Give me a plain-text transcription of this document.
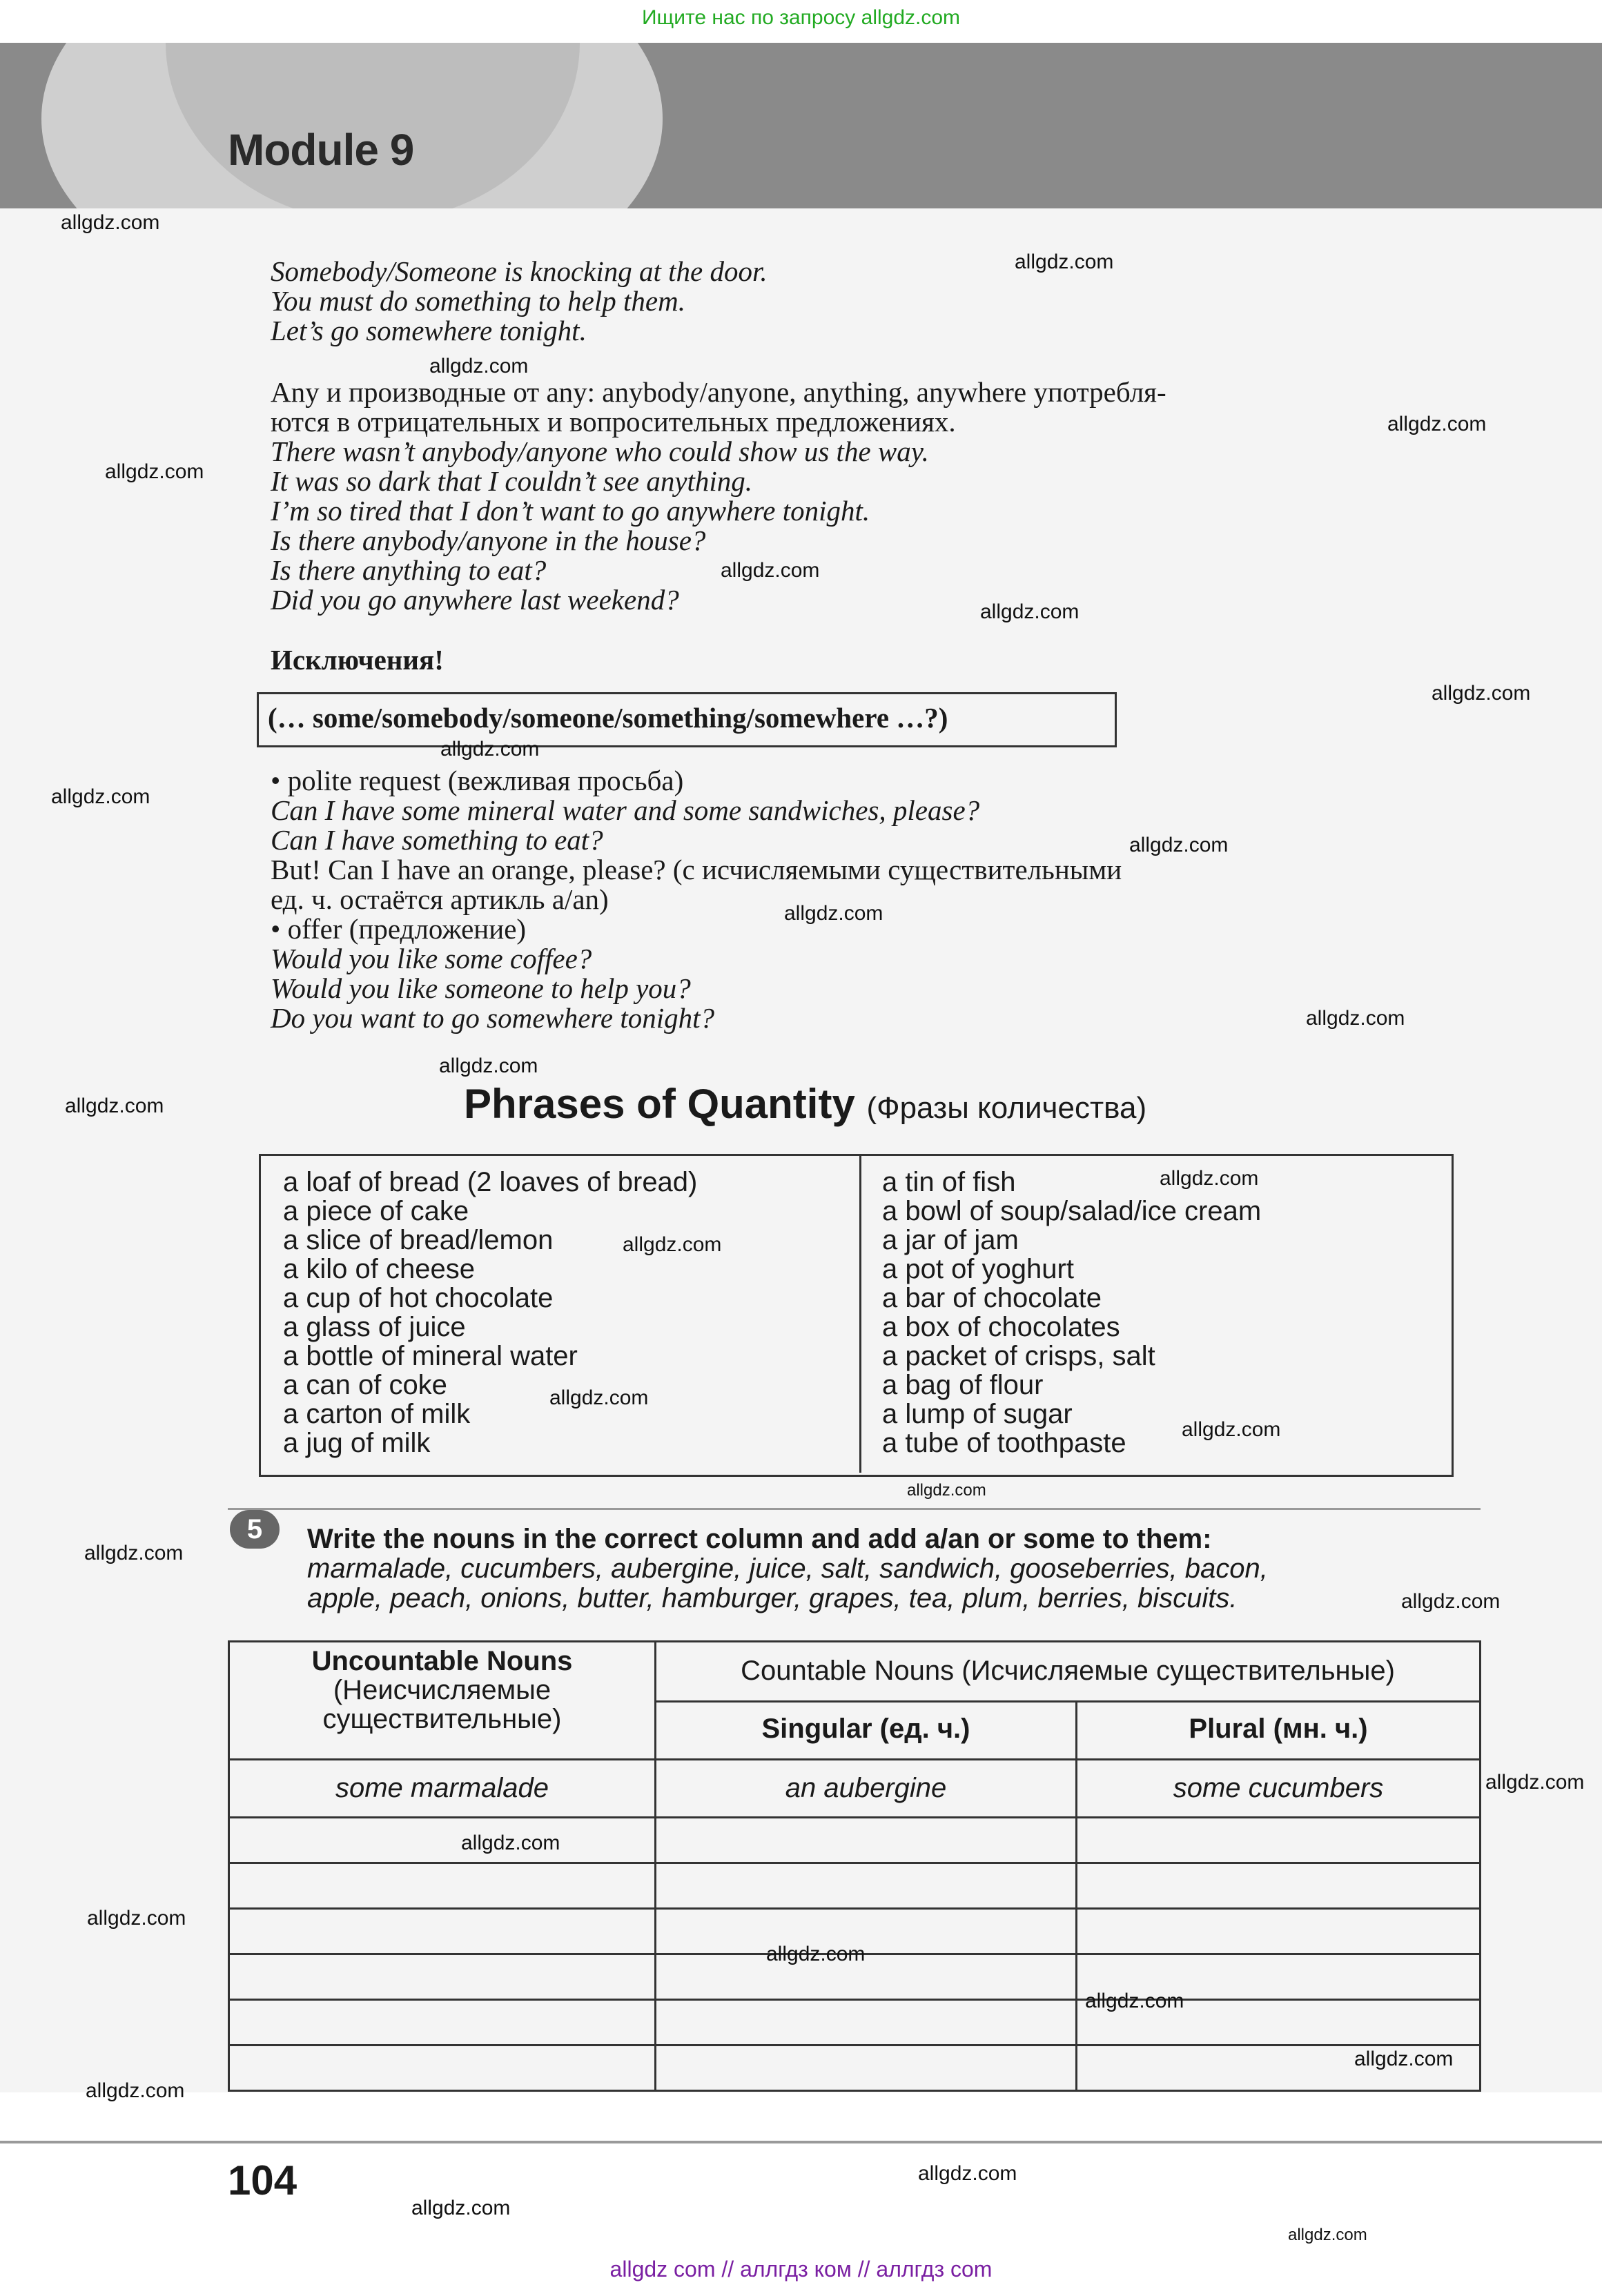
Ищите нас по запросу allgdz.com
Module 9
Somebody/Someone is knocking at the door.
You must do something to help them.
Let’s go somewhere tonight.
Any и производные от any: anybody/anyone, anything, anywhere употребля-
ются в отрицательных и вопросительных предложениях.
There wasn’t anybody/anyone who could show us the way.
It was so dark that I couldn’t see anything.
I’m so tired that I don’t want to go anywhere tonight.
Is there anybody/anyone in the house?
Is there anything to eat?
Did you go anywhere last weekend?
Исключения!
(… some/somebody/someone/something/somewhere …?)
• polite request (вежливая просьба)
Can I have some mineral water and some sandwiches, please?
Can I have something to eat?
But! Can I have an orange, please? (с исчисляемыми существительными
ед. ч. остаётся артикль a/an)
• offer (предложение)
Would you like some coffee?
Would you like someone to help you?
Do you want to go somewhere tonight?
Phrases of Quantity (Фразы количества)
a loaf of bread (2 loaves of bread)
a piece of cake
a slice of bread/lemon
a kilo of cheese
a cup of hot chocolate
a glass of juice
a bottle of mineral water
a can of coke
a carton of milk
a jug of milk
a tin of fish
a bowl of soup/salad/ice cream
a jar of jam
a pot of yoghurt
a bar of chocolate
a box of chocolates
a packet of crisps, salt
a bag of flour
a lump of sugar
a tube of toothpaste
5	Write the nouns in the correct column and add a/an or some to them:
marmalade, cucumbers, aubergine, juice, salt, sandwich, gooseberries, bacon,
apple, peach, onions, butter, hamburger, grapes, tea, plum, berries, biscuits.
Uncountable Nouns
(Неисчисляемые
существительные)
Countable Nouns (Исчисляемые существительные)
Singular (ед. ч.)	Plural (мн. ч.)
some marmalade	an aubergine	some cucumbers
104
allgdz.com
allgdz.com
allgdz.com
allgdz.com
allgdz.com
allgdz.com
allgdz.com
allgdz.com
allgdz.com
allgdz.com
allgdz.com
allgdz.com
allgdz.com
allgdz.com
allgdz.com
allgdz.com
allgdz.com
allgdz.com
allgdz.com
allgdz.com
allgdz.com
allgdz.com
allgdz.com
allgdz.com
allgdz.com
allgdz.com
allgdz.com
allgdz.com
allgdz.com
allgdz.com
allgdz.com
allgdz.com
allgdz com // аллгдз ком // аллгдз com
